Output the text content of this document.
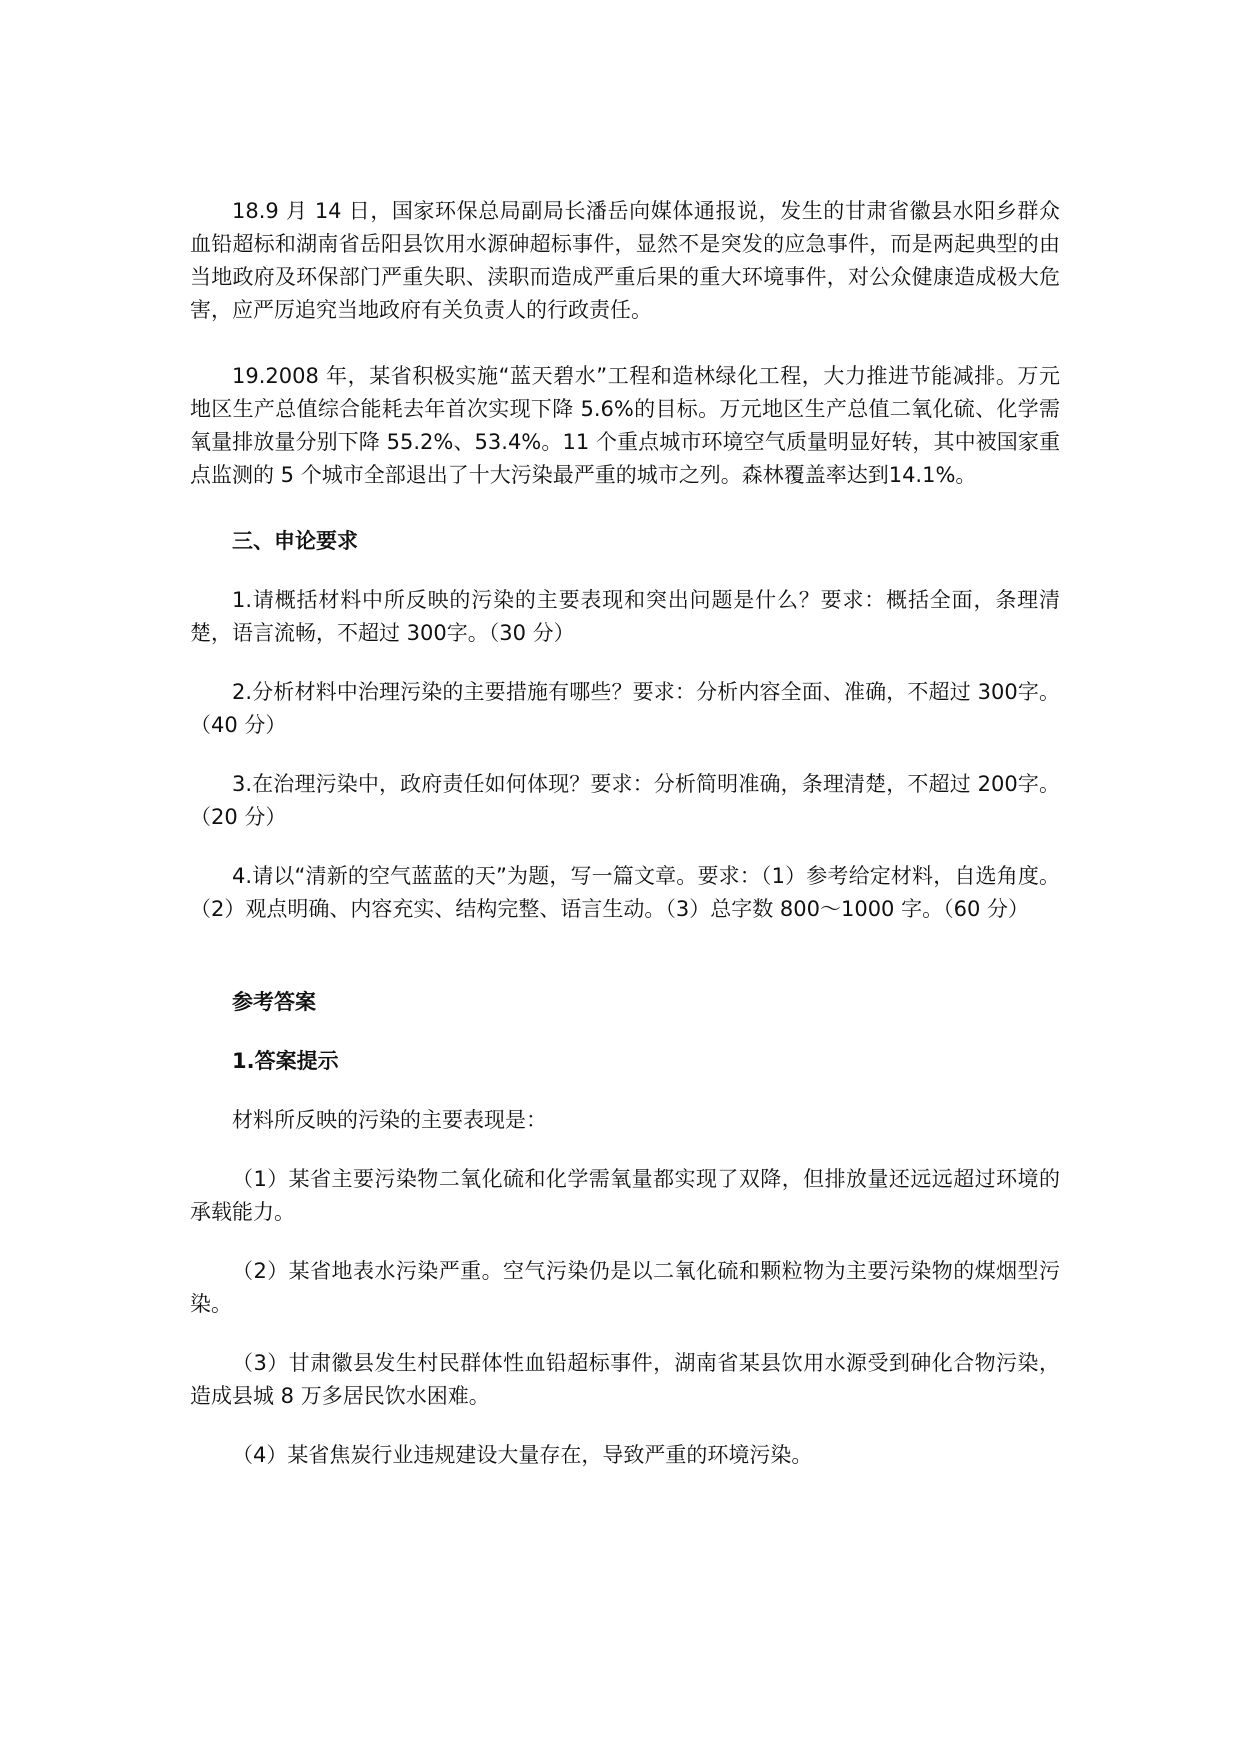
18.9 月 14 日，国家环保总局副局长潘岳向媒体通报说，发生的甘肃省徽县水阳乡群众血铅超标和湖南省岳阳县饮用水源砷超标事件，显然不是突发的应急事件，而是两起典型的由当地政府及环保部门严重失职、渎职而造成严重后果的重大环境事件，对公众健康造成极大危害，应严厉追究当地政府有关负责人的行政责任。

19.2008 年，某省积极实施“蓝天碧水”工程和造林绿化工程，大力推进节能减排。万元地区生产总值综合能耗去年首次实现下降 5.6%的目标。万元地区生产总值二氧化硫、化学需氧量排放量分别下降 55.2%、53.4%。11 个重点城市环境空气质量明显好转，其中被国家重点监测的 5 个城市全部退出了十大污染最严重的城市之列。森林覆盖率达到14.1%。

三、申论要求

1.请概括材料中所反映的污染的主要表现和突出问题是什么？要求：概括全面，条理清楚，语言流畅，不超过 300字。（30 分）

2.分析材料中治理污染的主要措施有哪些？要求：分析内容全面、准确，不超过 300字。（40 分）

3.在治理污染中，政府责任如何体现？要求：分析简明准确，条理清楚，不超过 200字。（20 分）

4.请以“清新的空气蓝蓝的天”为题，写一篇文章。要求：（1）参考给定材料，自选角度。（2）观点明确、内容充实、结构完整、语言生动。（3）总字数 800～1000 字。（60 分）

参考答案

1.答案提示

材料所反映的污染的主要表现是：

（1）某省主要污染物二氧化硫和化学需氧量都实现了双降，但排放量还远远超过环境的承载能力。

（2）某省地表水污染严重。空气污染仍是以二氧化硫和颗粒物为主要污染物的煤烟型污染。

（3）甘肃徽县发生村民群体性血铅超标事件，湖南省某县饮用水源受到砷化合物污染，造成县城 8 万多居民饮水困难。

（4）某省焦炭行业违规建设大量存在，导致严重的环境污染。
